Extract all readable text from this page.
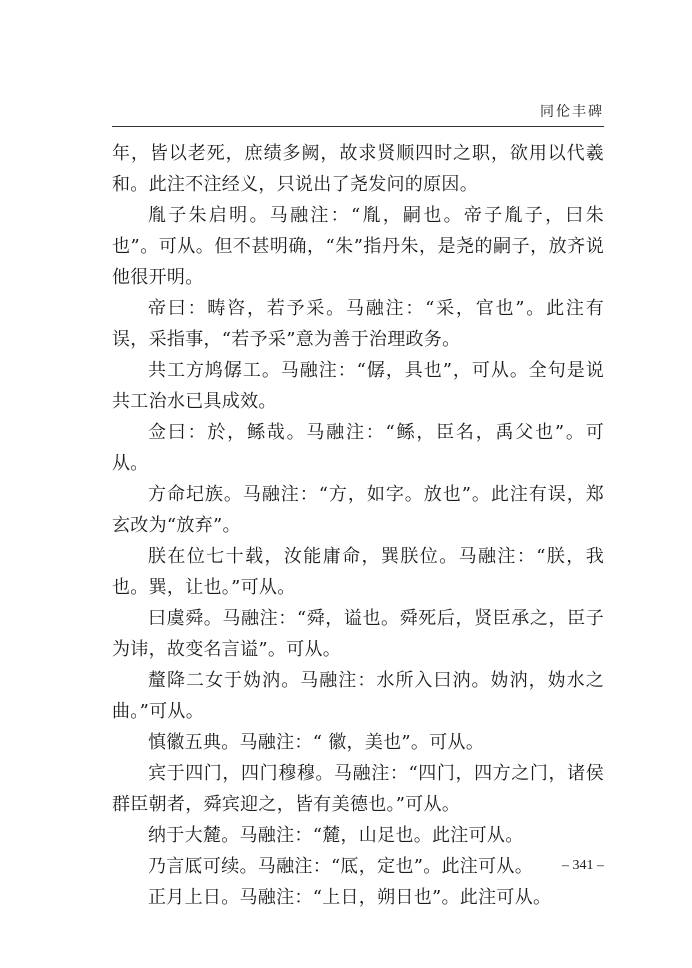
同伦丰碑

年，皆以老死，庶绩多阙，故求贤顺四时之职，欲用以代羲和。此注不注经义，只说出了尧发问的原因。

胤子朱启明。马融注：“胤，嗣也。帝子胤子，曰朱也”。可从。但不甚明确，“朱”指丹朱，是尧的嗣子，放齐说他很开明。

帝曰：畴咨，若予采。马融注：“采，官也”。此注有误，采指事，“若予采”意为善于治理政务。

共工方鸠僝工。马融注：“僝，具也”，可从。全句是说共工治水已具成效。

佥曰：於，鲧哉。马融注：“鲧，臣名，禹父也”。可从。

方命圮族。马融注：“方，如字。放也”。此注有误，郑玄改为“放弃”。

朕在位七十载，汝能庸命，巽朕位。马融注：“朕，我也。巽，让也。”可从。

曰虞舜。马融注：“舜，谥也。舜死后，贤臣承之，臣子为讳，故变名言谥”。可从。

釐降二女于妫汭。马融注：水所入曰汭。妫汭，妫水之曲。”可从。

慎徽五典。马融注：“ 徽，美也”。可从。

宾于四门，四门穆穆。马融注：“四门，四方之门，诸侯群臣朝者，舜宾迎之，皆有美德也。”可从。

纳于大麓。马融注：“麓，山足也。此注可从。

乃言厎可续。马融注：“厎，定也”。此注可从。

正月上日。马融注：“上日，朔日也”。此注可从。

– 341 –
